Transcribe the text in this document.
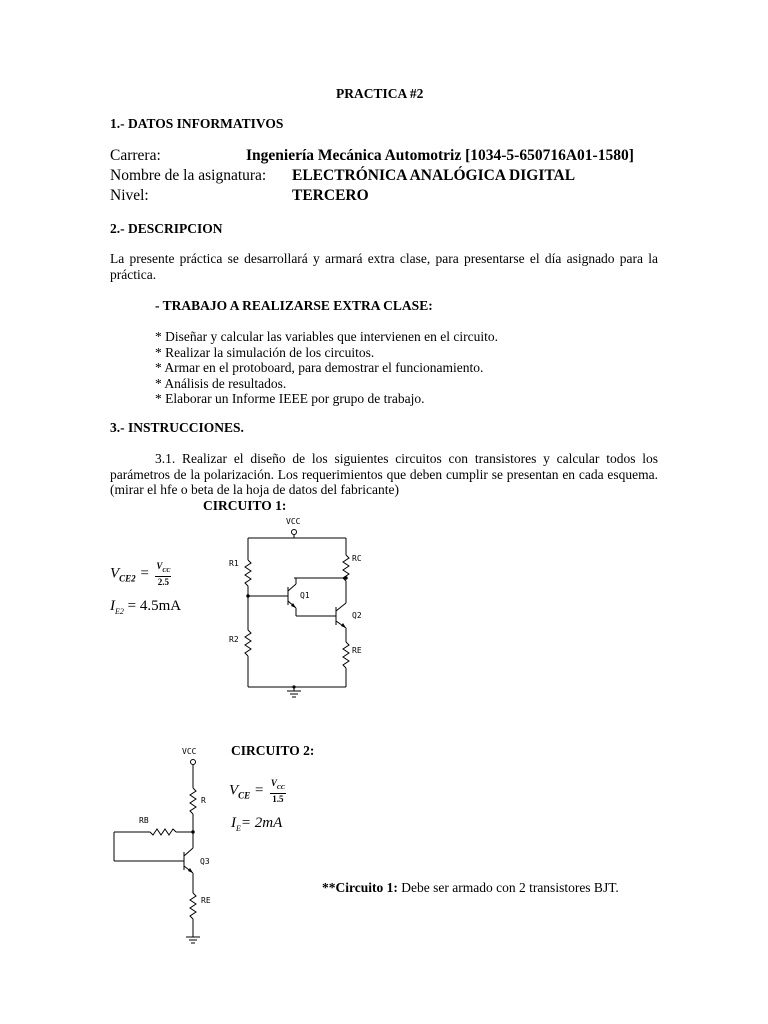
PRACTICA #2
1.- DATOS INFORMATIVOS
Carrera:	Ingeniería Mecánica Automotriz [1034-5-650716A01-1580]
Nombre de la asignatura: ELECTRÓNICA ANALÓGICA DIGITAL
Nivel:	TERCERO
2.- DESCRIPCION
La presente práctica se desarrollará y armará extra clase, para presentarse el día asignado para la práctica.
- TRABAJO A REALIZARSE EXTRA CLASE:
* Diseñar y calcular las variables que intervienen en el circuito.
* Realizar la simulación de los circuitos.
* Armar en el protoboard, para demostrar el funcionamiento.
* Análisis de resultados.
* Elaborar un Informe IEEE por grupo de trabajo.
3.- INSTRUCCIONES.
3.1. Realizar el diseño de los siguientes circuitos con transistores y calcular todos los parámetros de la polarización. Los requerimientos que deben cumplir se presentan en cada esquema. (mirar el hfe o beta de la hoja de datos del fabricante)
CIRCUITO 1:
$V_{CE2} = \frac{V_{CC}}{2.5}$
$I_{E2} = 4.5mA$
VCC
R1
R2
RC
RE
Q1
Q2
CIRCUITO 2:
$V_{CE} = \frac{V_{CC}}{1.5}$
$I_E= 2mA$
VCC
R
RB
Q3
RE
**Circuito 1: Debe ser armado con 2 transistores BJT.
